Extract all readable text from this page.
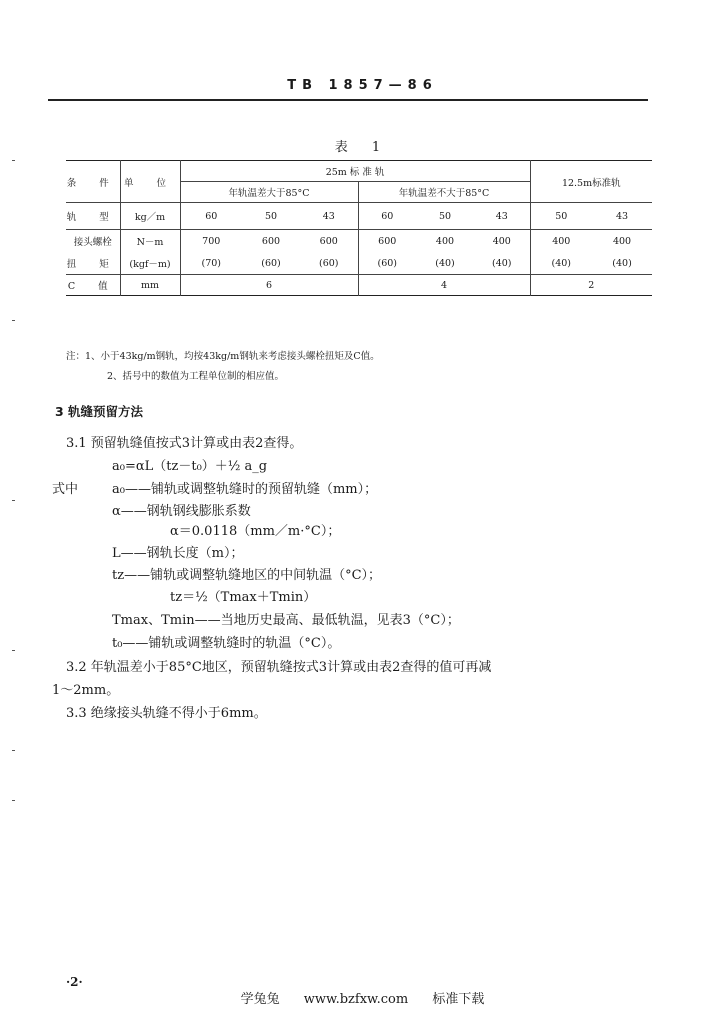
TB 1857—86
表 1
条 件	单 位	25m 标 准 轨						12.5m标准轨	
		年轨温差大于85°C			年轨温差不大于85°C				
轨 型	kg／m	60	50	43	60	50	43	50	43
接头螺栓	N－m	700	600	600	600	400	400	400	400
扭 矩	(kgf－m)	(70)	(60)	(60)	(60)	(40)	(40)	(40)	(40)
C 值	mm	6			4			2	
注：1、小于43kg/m钢轨，均按43kg/m钢轨来考虑接头螺栓扭矩及C值。
2、括号中的数值为工程单位制的相应值。
3 轨缝预留方法
3.1 预留轨缝值按式3计算或由表2查得。
a₀=αL（tz－t₀）＋½ a_g
式中	a₀——铺轨或调整轨缝时的预留轨缝（mm）；
α——钢轨钢线膨胀系数
α＝0.0118（mm／m·°C）；
L——钢轨长度（m）；
tz——铺轨或调整轨缝地区的中间轨温（°C）；
tz＝½（Tmax＋Tmin）
Tmax、Tmin——当地历史最高、最低轨温，见表3（°C）；
t₀——铺轨或调整轨缝时的轨温（°C）。
3.2 年轨温差小于85°C地区，预留轨缝按式3计算或由表2查得的值可再减
1～2mm。
3.3 绝缘接头轨缝不得小于6mm。
·2·
学兔兔 www.bzfxw.com 标准下载
